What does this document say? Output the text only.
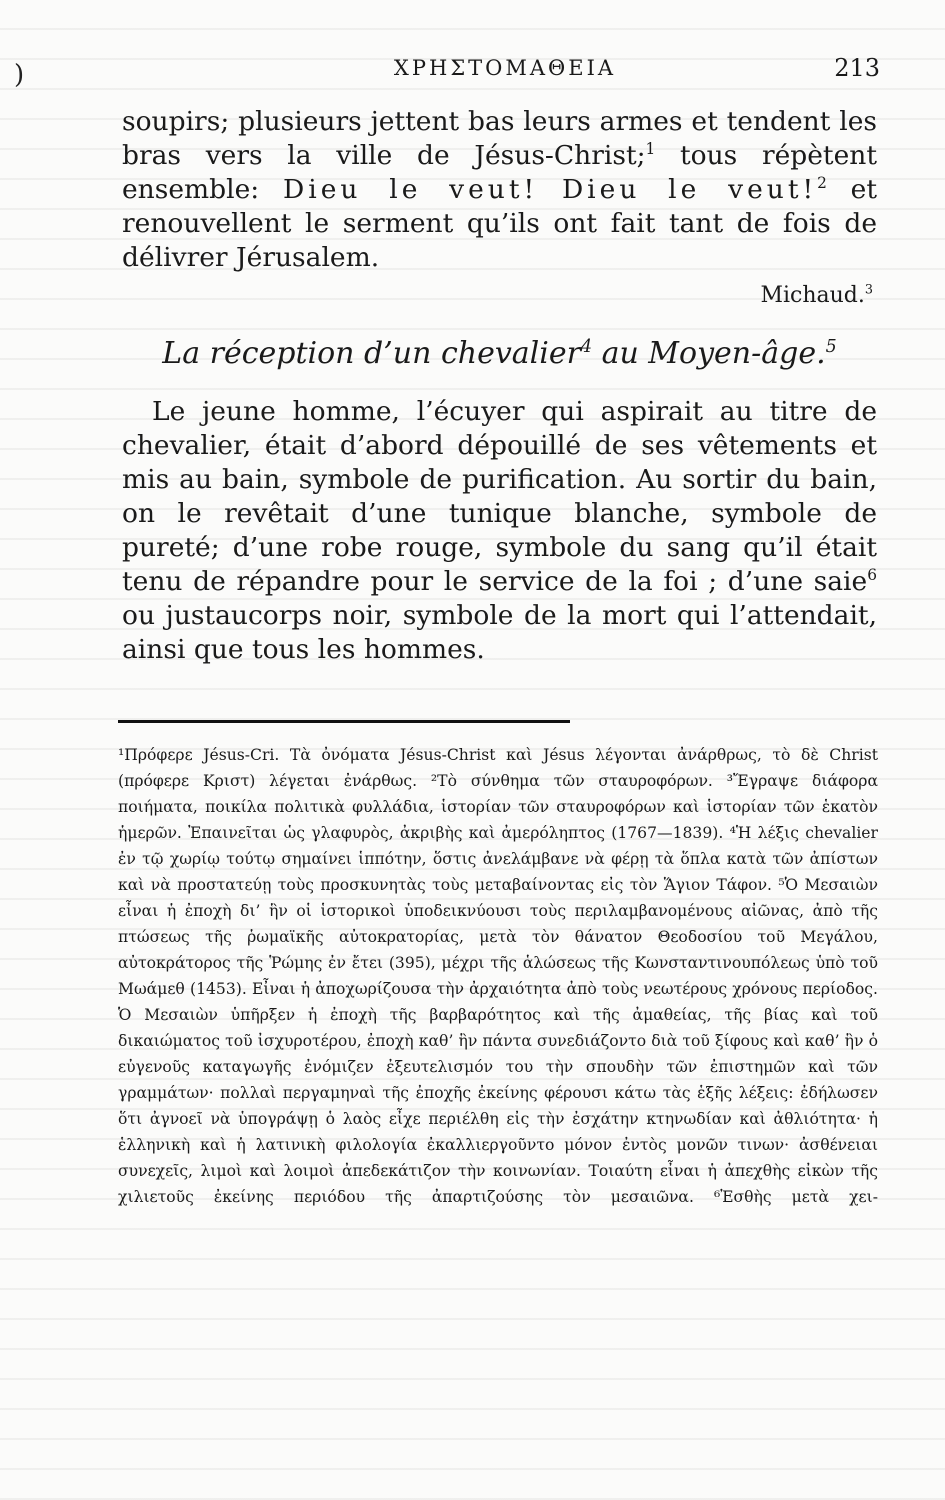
)	ΧΡΗΣΤΟΜΑΘΕΙΑ	213

soupirs; plusieurs jettent bas leurs armes et tendent les bras vers la ville de Jésus-Christ;$^1$ tous répètent ensemble: Dieu le veut! Dieu le veut!$^2$ et renouvellent le serment qu’ils ont fait tant de fois de délivrer Jérusalem.

Michaud.$^3$
La réception d’un chevalier$^4$ au Moyen-âge.$^5$

Le jeune homme, l’écuyer qui aspirait au titre de chevalier, était d’abord dépouillé de ses vêtements et mis au bain, symbole de purification. Au sortir du bain, on le revêtait d’une tunique blanche, symbole de pureté; d’une robe rouge, symbole du sang qu’il était tenu de répandre pour le service de la foi ; d’une saie$^6$ ou justaucorps noir, symbole de la mort qui l’attendait, ainsi que tous les hommes.

¹Πρόφερε Jésus-Cri. Τὰ ὀνόματα Jésus-Christ καὶ Jésus λέγονται ἀνάρθρως, τὸ δὲ Christ (πρόφερε Κριστ) λέγεται ἐνάρθως. ²Τὸ σύνθημα τῶν σταυροφόρων. ³Ἔγραψε διάφορα ποιήματα, ποικίλα πολιτικὰ φυλλάδια, ἱστορίαν τῶν σταυροφόρων καὶ ἱστορίαν τῶν ἑκατὸν ἡμερῶν. Ἐπαινεῖται ὡς γλαφυρὸς, ἀκριβὴς καὶ ἀμερόληπτος (1767—1839). ⁴Ἡ λέξις chevalier ἐν τῷ χωρίῳ τούτῳ σημαίνει ἱππότην, ὅστις ἀνελάμβανε νὰ φέρῃ τὰ ὅπλα κατὰ τῶν ἀπίστων καὶ νὰ προστατεύῃ τοὺς προσκυνητὰς τοὺς μεταβαίνοντας εἰς τὸν Ἅγιον Τάφον. ⁵Ὁ Μεσαιὼν εἶναι ἡ ἐποχὴ δι’ ἣν οἱ ἱστορικοὶ ὑποδεικνύουσι τοὺς περιλαμβανομένους αἰῶνας, ἀπὸ τῆς πτώσεως τῆς ῥωμαϊκῆς αὐτοκρατορίας, μετὰ τὸν θάνατον Θεοδοσίου τοῦ Μεγάλου, αὐτοκράτορος τῆς Ῥώμης ἐν ἔτει (395), μέχρι τῆς ἁλώσεως τῆς Κωνσταντινουπόλεως ὑπὸ τοῦ Μωάμεθ (1453). Εἶναι ἡ ἀποχωρίζουσα τὴν ἀρχαιότητα ἀπὸ τοὺς νεωτέρους χρόνους περίοδος. Ὁ Μεσαιὼν ὑπῆρξεν ἡ ἐποχὴ τῆς βαρβαρότητος καὶ τῆς ἀμαθείας, τῆς βίας καὶ τοῦ δικαιώματος τοῦ ἰσχυροτέρου, ἐποχὴ καθ’ ἣν πάντα συνεδιάζοντο διὰ τοῦ ξίφους καὶ καθ’ ἣν ὁ εὐγενοῦς καταγωγῆς ἐνόμιζεν ἐξευτελισμόν του τὴν σπουδὴν τῶν ἐπιστημῶν καὶ τῶν γραμμάτων· πολλαὶ περγαμηναὶ τῆς ἐποχῆς ἐκείνης φέρουσι κάτω τὰς ἑξῆς λέξεις: ἐδήλωσεν ὅτι ἀγνοεῖ νὰ ὑπογράψῃ ὁ λαὸς εἶχε περιέλθη εἰς τὴν ἐσχάτην κτηνωδίαν καὶ ἀθλιότητα· ἡ ἑλληνικὴ καὶ ἡ λατινικὴ φιλολογία ἐκαλλιεργοῦντο μόνον ἐντὸς μονῶν τινων· ἀσθένειαι συνεχεῖς, λιμοὶ καὶ λοιμοὶ ἀπεδεκάτιζον τὴν κοινωνίαν. Τοιαύτη εἶναι ἡ ἀπεχθὴς εἰκὼν τῆς χιλιετοῦς ἐκείνης περιόδου τῆς ἀπαρτιζούσης τὸν μεσαιῶνα. ⁶Ἐσθὴς μετὰ χει-
